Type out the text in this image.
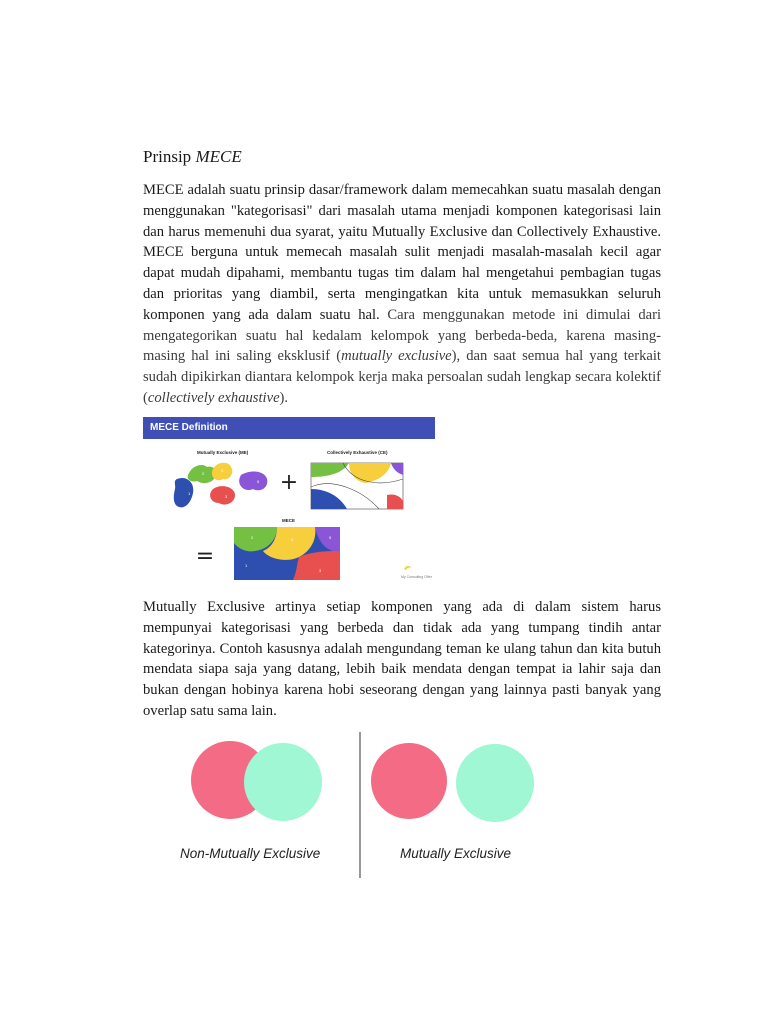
Prinsip MECE

MECE adalah suatu prinsip dasar/framework dalam memecahkan suatu masalah dengan menggunakan "kategorisasi" dari masalah utama menjadi komponen kategorisasi lain dan harus memenuhi dua syarat, yaitu Mutually Exclusive dan Collectively Exhaustive. MECE berguna untuk memecah masalah sulit menjadi masalah-masalah kecil agar dapat mudah dipahami, membantu tugas tim dalam hal mengetahui pembagian tugas dan prioritas yang diambil, serta mengingatkan kita untuk memasukkan seluruh komponen yang ada dalam suatu hal. Cara menggunakan metode ini dimulai dari mengategorikan suatu hal kedalam kelompok yang berbeda-beda, karena masing-masing hal ini saling eksklusif (mutually exclusive), dan saat semua hal yang terkait sudah dipikirkan diantara kelompok kerja maka persoalan sudah lengkap secara kolektif (collectively exhaustive).

Mutually Exclusive artinya setiap komponen yang ada di dalam sistem harus mempunyai kategorisasi yang berbeda dan tidak ada yang tumpang tindih antar kategorinya. Contoh kasusnya adalah mengundang teman ke ulang tahun dan kita butuh mendata siapa saja yang datang, lebih baik mendata dengan tempat ia lahir saja dan bukan dengan hobinya karena hobi seseorang dengan yang lainnya pasti banyak yang overlap satu sama lain.

MECE Definition
Mutually Exclusive (ME)	Collectively Exhaustive (CE)
MECE
My Consulting Offer
1
2
3
4
5 +
=
2	4	5
1
3
Non-Mutually Exclusive	Mutually Exclusive
